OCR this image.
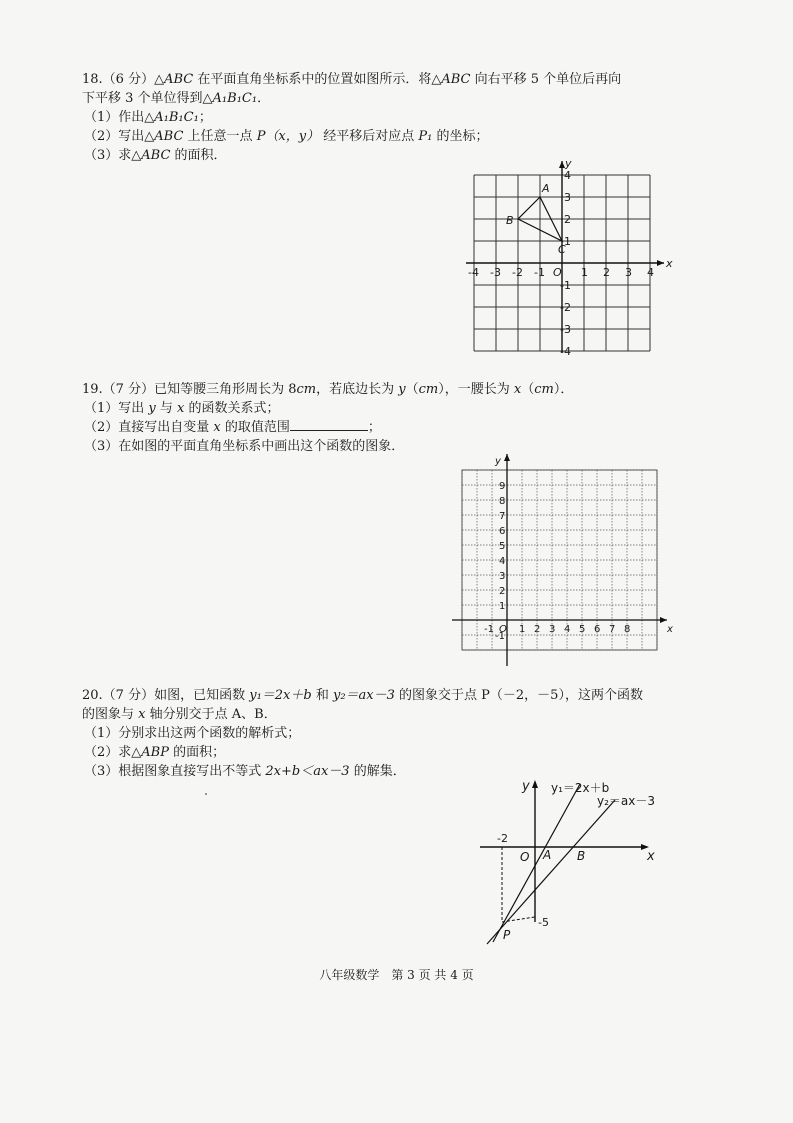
18.（6 分）△ABC 在平面直角坐标系中的位置如图所示．将△ABC 向右平移 5 个单位后再向

下平移 3 个单位得到△A₁B₁C₁．

（1）作出△A₁B₁C₁；

（2）写出△ABC 上任意一点 P（x，y） 经平移后对应点 P₁ 的坐标；

（3）求△ABC 的面积．

x
y
O
-4 -3 -2 -1	1 2 3 4
4
3
2
1
-1
-2
-3
-4
A
B
C

19.（7 分）已知等腰三角形周长为 8cm，若底边长为 y（cm），一腰长为 x（cm）．

（1）写出 y 与 x 的函数关系式；

（2）直接写出自变量 x 的取值范围	；

（3）在如图的平面直角坐标系中画出这个函数的图象．

x
y
O
-1	1 2 3 4 5 6 7 8
9
8
7
6
5
4
3
2
1
-1

20.（7 分）如图，已知函数 y₁＝2x＋b 和 y₂＝ax－3 的图象交于点 P（－2，－5），这两个函数

的图象与 x 轴分别交于点 A、B．

（1）分别求出这两个函数的解析式；

（2）求△ABP 的面积；

（3）根据图象直接写出不等式 2x+b＜ax－3 的解集．

x
y
O
-2
-5
A B
P
y₁＝2x＋b
y₂＝ax－3
八年级数学　第 3 页 共 4 页
